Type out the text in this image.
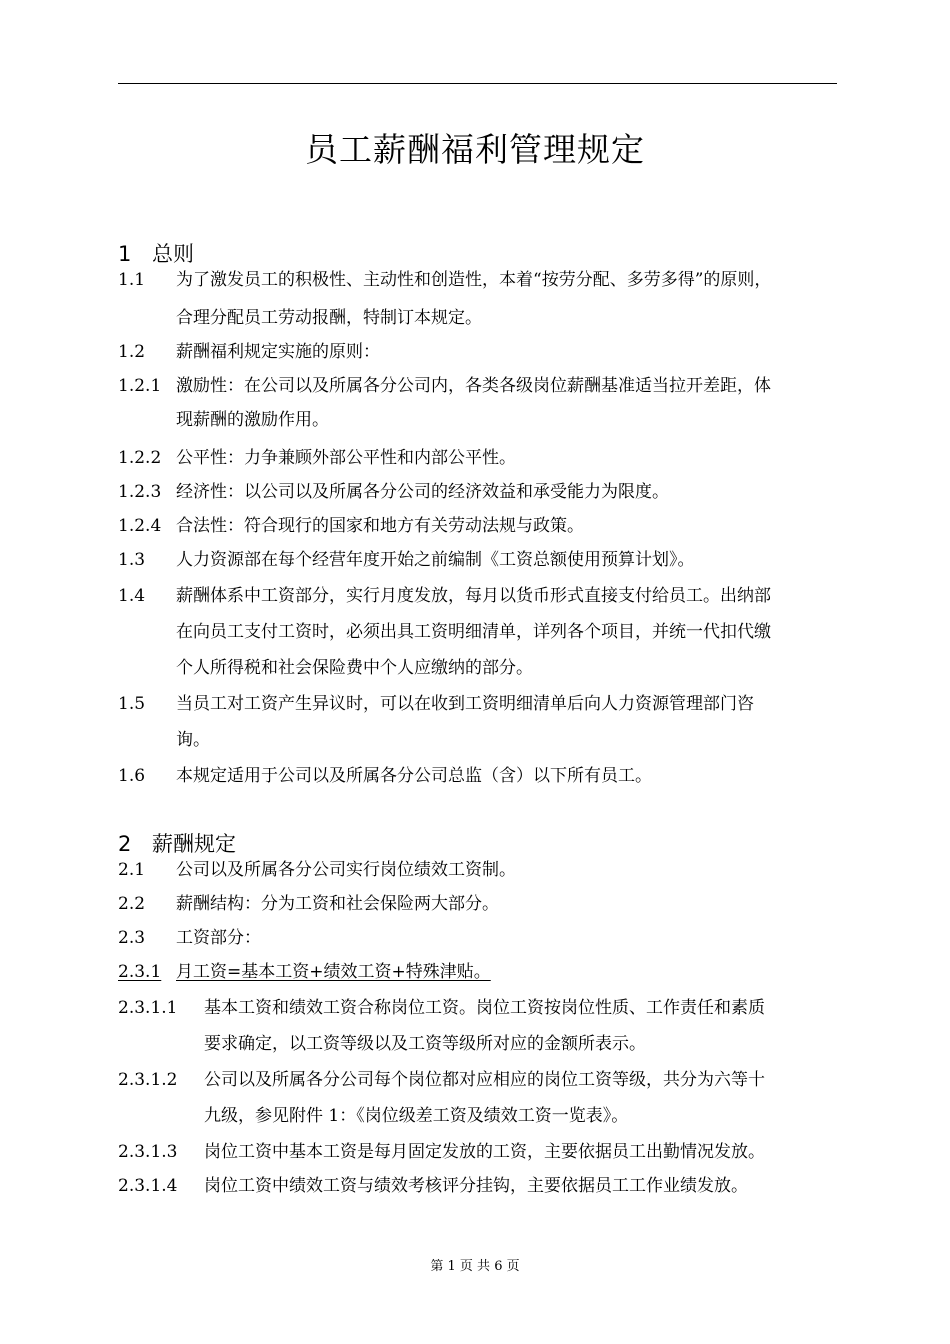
员工薪酬福利管理规定
1 总则
2 薪酬规定
1.1 为了激发员工的积极性、主动性和创造性，本着“按劳分配、多劳多得”的原则，
合理分配员工劳动报酬，特制订本规定。
1.2 薪酬福利规定实施的原则：
1.2.1 激励性：在公司以及所属各分公司内，各类各级岗位薪酬基准适当拉开差距，体
现薪酬的激励作用。
1.2.2 公平性：力争兼顾外部公平性和内部公平性。
1.2.3 经济性：以公司以及所属各分公司的经济效益和承受能力为限度。
1.2.4 合法性：符合现行的国家和地方有关劳动法规与政策。
1.3 人力资源部在每个经营年度开始之前编制《工资总额使用预算计划》。
1.4 薪酬体系中工资部分，实行月度发放，每月以货币形式直接支付给员工。出纳部
在向员工支付工资时，必须出具工资明细清单，详列各个项目，并统一代扣代缴
个人所得税和社会保险费中个人应缴纳的部分。
1.5 当员工对工资产生异议时，可以在收到工资明细清单后向人力资源管理部门咨
询。
1.6 本规定适用于公司以及所属各分公司总监（含）以下所有员工。
2.1 公司以及所属各分公司实行岗位绩效工资制。
2.2 薪酬结构：分为工资和社会保险两大部分。
2.3 工资部分：
2.3.1 月工资=基本工资+绩效工资+特殊津贴。
2.3.1.1 基本工资和绩效工资合称岗位工资。岗位工资按岗位性质、工作责任和素质
要求确定，以工资等级以及工资等级所对应的金额所表示。
2.3.1.2 公司以及所属各分公司每个岗位都对应相应的岗位工资等级，共分为六等十
九级，参见附件 1：《岗位级差工资及绩效工资一览表》。
2.3.1.3 岗位工资中基本工资是每月固定发放的工资，主要依据员工出勤情况发放。
2.3.1.4 岗位工资中绩效工资与绩效考核评分挂钩，主要依据员工工作业绩发放。
第 1 页 共 6 页
